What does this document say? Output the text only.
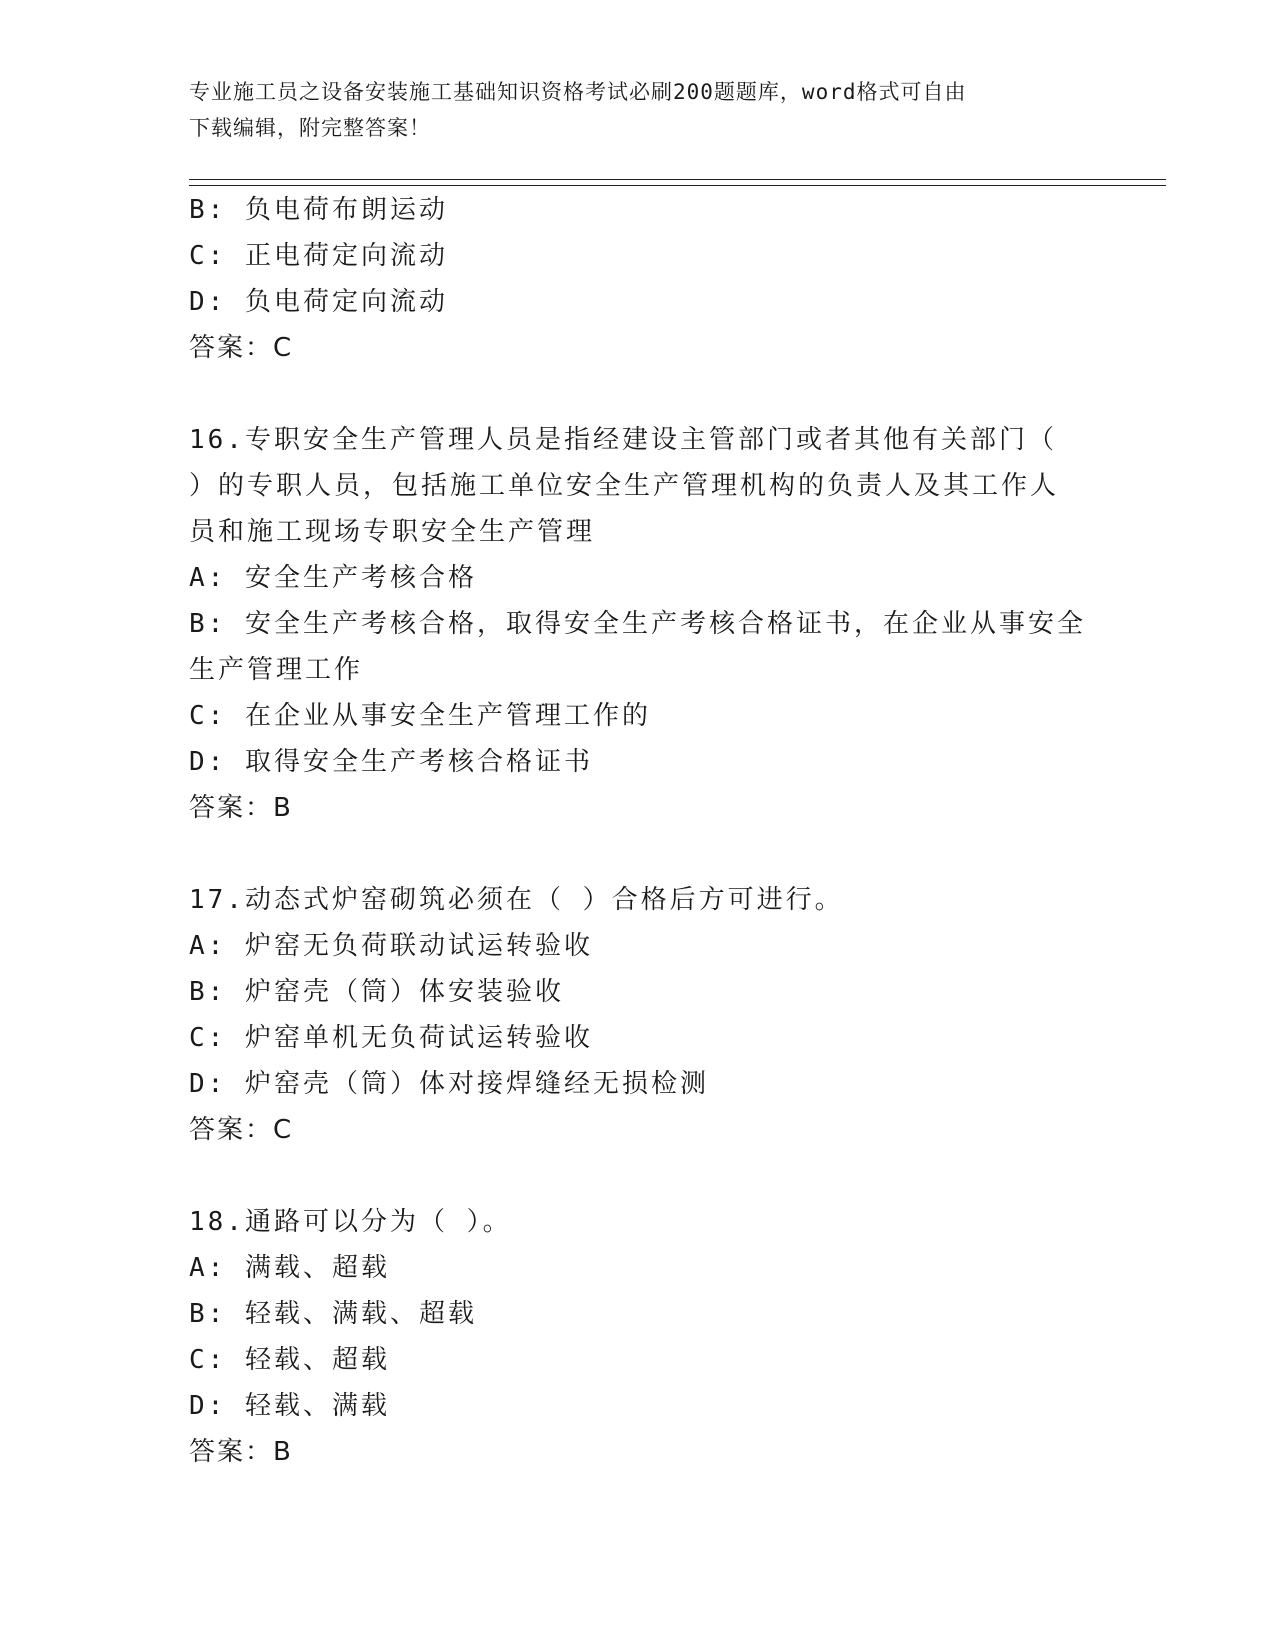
专业施工员之设备安装施工基础知识资格考试必刷200题题库，word格式可自由
下载编辑，附完整答案！
B: 负电荷布朗运动
C: 正电荷定向流动
D: 负电荷定向流动
答案：C
16.专职安全生产管理人员是指经建设主管部门或者其他有关部门（
）的专职人员，包括施工单位安全生产管理机构的负责人及其工作人
员和施工现场专职安全生产管理
A: 安全生产考核合格
B: 安全生产考核合格，取得安全生产考核合格证书，在企业从事安全
生产管理工作
C: 在企业从事安全生产管理工作的
D: 取得安全生产考核合格证书
答案：B
17.动态式炉窑砌筑必须在（ ）合格后方可进行。
A: 炉窑无负荷联动试运转验收
B: 炉窑壳（筒）体安装验收
C: 炉窑单机无负荷试运转验收
D: 炉窑壳（筒）体对接焊缝经无损检测
答案：C
18.通路可以分为（ ）。
A: 满载、超载
B: 轻载、满载、超载
C: 轻载、超载
D: 轻载、满载
答案：B
